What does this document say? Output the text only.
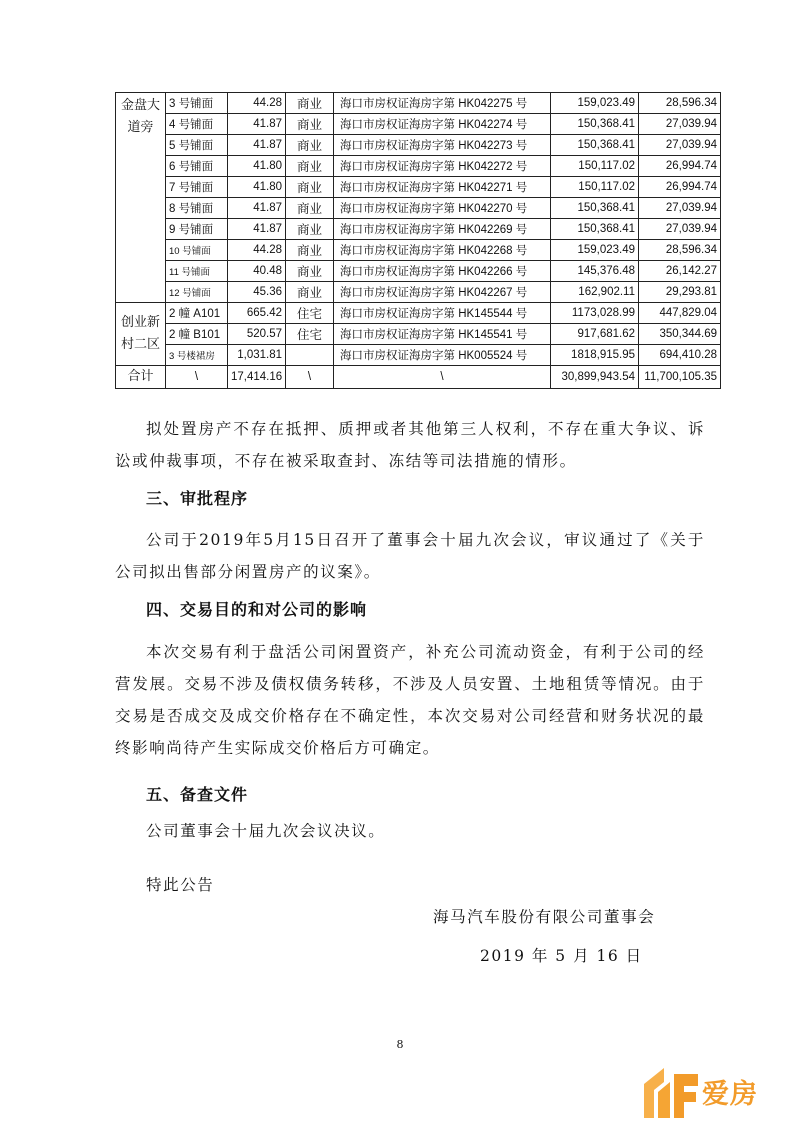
金盘大道旁	3 号铺面	44.28	商业	海口市房权证海房字第 HK042275 号	159,023.49	28,596.34
	4 号铺面	41.87	商业	海口市房权证海房字第 HK042274 号	150,368.41	27,039.94
	5 号铺面	41.87	商业	海口市房权证海房字第 HK042273 号	150,368.41	27,039.94
	6 号铺面	41.80	商业	海口市房权证海房字第 HK042272 号	150,117.02	26,994.74
	7 号铺面	41.80	商业	海口市房权证海房字第 HK042271 号	150,117.02	26,994.74
	8 号铺面	41.87	商业	海口市房权证海房字第 HK042270 号	150,368.41	27,039.94
	9 号铺面	41.87	商业	海口市房权证海房字第 HK042269 号	150,368.41	27,039.94
	10 号铺面	44.28	商业	海口市房权证海房字第 HK042268 号	159,023.49	28,596.34
	11 号铺面	40.48	商业	海口市房权证海房字第 HK042266 号	145,376.48	26,142.27
	12 号铺面	45.36	商业	海口市房权证海房字第 HK042267 号	162,902.11	29,293.81
创业新村二区	2 幢 A101	665.42	住宅	海口市房权证海房字第 HK145544 号	1173,028.99	447,829.04
	2 幢 B101	520.57	住宅	海口市房权证海房字第 HK145541 号	917,681.62	350,344.69
	3 号楼裙房	1,031.81		海口市房权证海房字第 HK005524 号	1818,915.95	694,410.28
合计	\	17,414.16	\	\	30,899,943.54	11,700,105.35

拟处置房产不存在抵押、质押或者其他第三人权利，不存在重大争议、诉讼或仲裁事项，不存在被采取查封、冻结等司法措施的情形。

三、审批程序

公司于2019年5月15日召开了董事会十届九次会议，审议通过了《关于公司拟出售部分闲置房产的议案》。

四、交易目的和对公司的影响

本次交易有利于盘活公司闲置资产，补充公司流动资金，有利于公司的经营发展。交易不涉及债权债务转移，不涉及人员安置、土地租赁等情况。由于交易是否成交及成交价格存在不确定性，本次交易对公司经营和财务状况的最终影响尚待产生实际成交价格后方可确定。

五、备查文件

公司董事会十届九次会议决议。

特此公告

海马汽车股份有限公司董事会

2019 年 5 月 16 日

8

爱房
